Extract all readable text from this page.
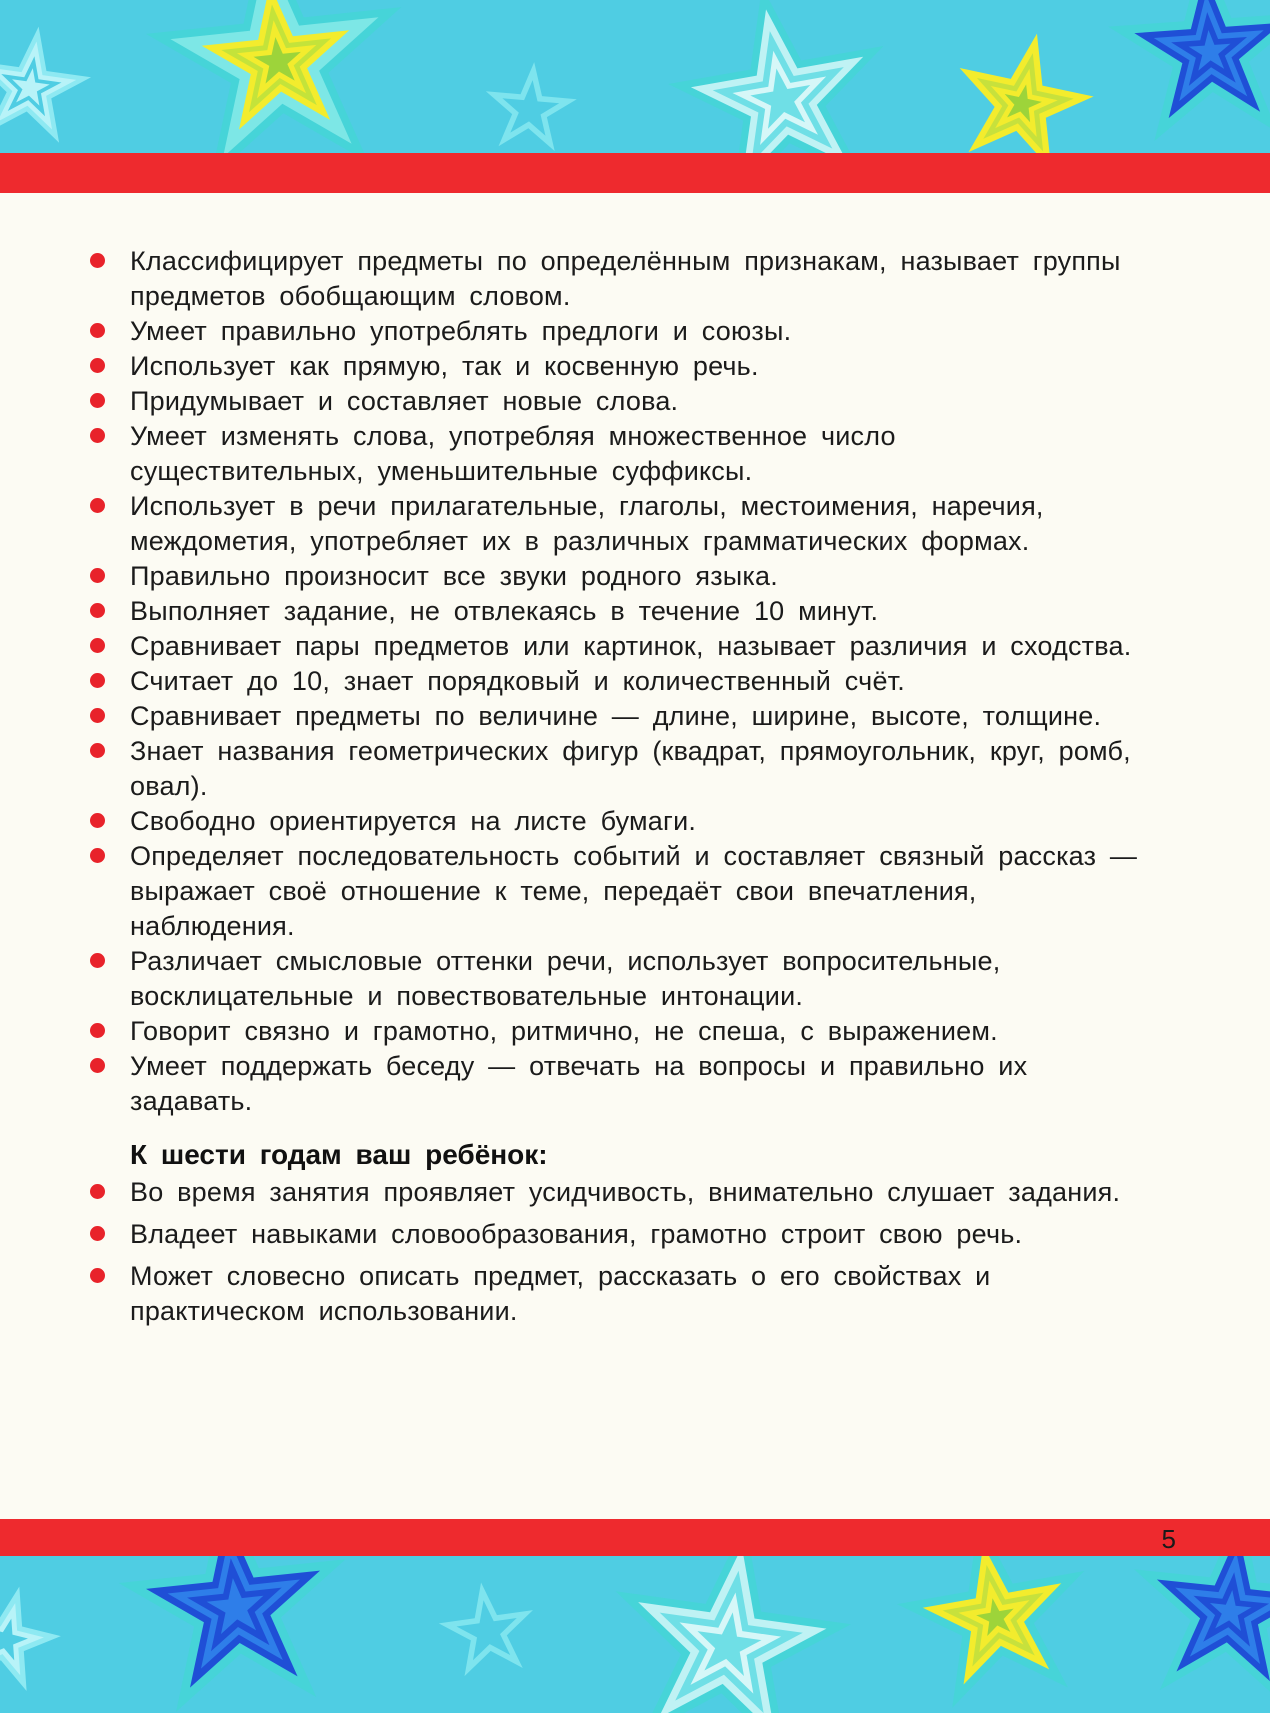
Классифицирует предметы по определённым признакам, называет группы предметов обобщающим словом.
Умеет правильно употреблять предлоги и союзы.
Использует как прямую, так и косвенную речь.
Придумывает и составляет новые слова.
Умеет изменять слова, употребляя множественное число существительных, уменьшительные суффиксы.
Использует в речи прилагательные, глаголы, местоимения, наречия, междометия, употребляет их в различных грамматических формах.
Правильно произносит все звуки родного языка.
Выполняет задание, не отвлекаясь в течение 10 минут.
Сравнивает пары предметов или картинок, называет различия и сходства.
Считает до 10, знает порядковый и количественный счёт.
Сравнивает предметы по величине — длине, ширине, высоте, толщине.
Знает названия геометрических фигур (квадрат, прямоугольник, круг, ромб, овал).
Свободно ориентируется на листе бумаги.
Определяет последовательность событий и составляет связный рассказ — выражает своё отношение к теме, передаёт свои впечатления, наблюдения.
Различает смысловые оттенки речи, использует вопросительные, восклицательные и повествовательные интонации.
Говорит связно и грамотно, ритмично, не спеша, с выражением.
Умеет поддержать беседу — отвечать на вопросы и правильно их задавать.
К шести годам ваш ребёнок:
Во время занятия проявляет усидчивость, внимательно слушает задания.
Владеет навыками словообразования, грамотно строит свою речь.
Может словесно описать предмет, рассказать о его свойствах и практическом использовании.
5
